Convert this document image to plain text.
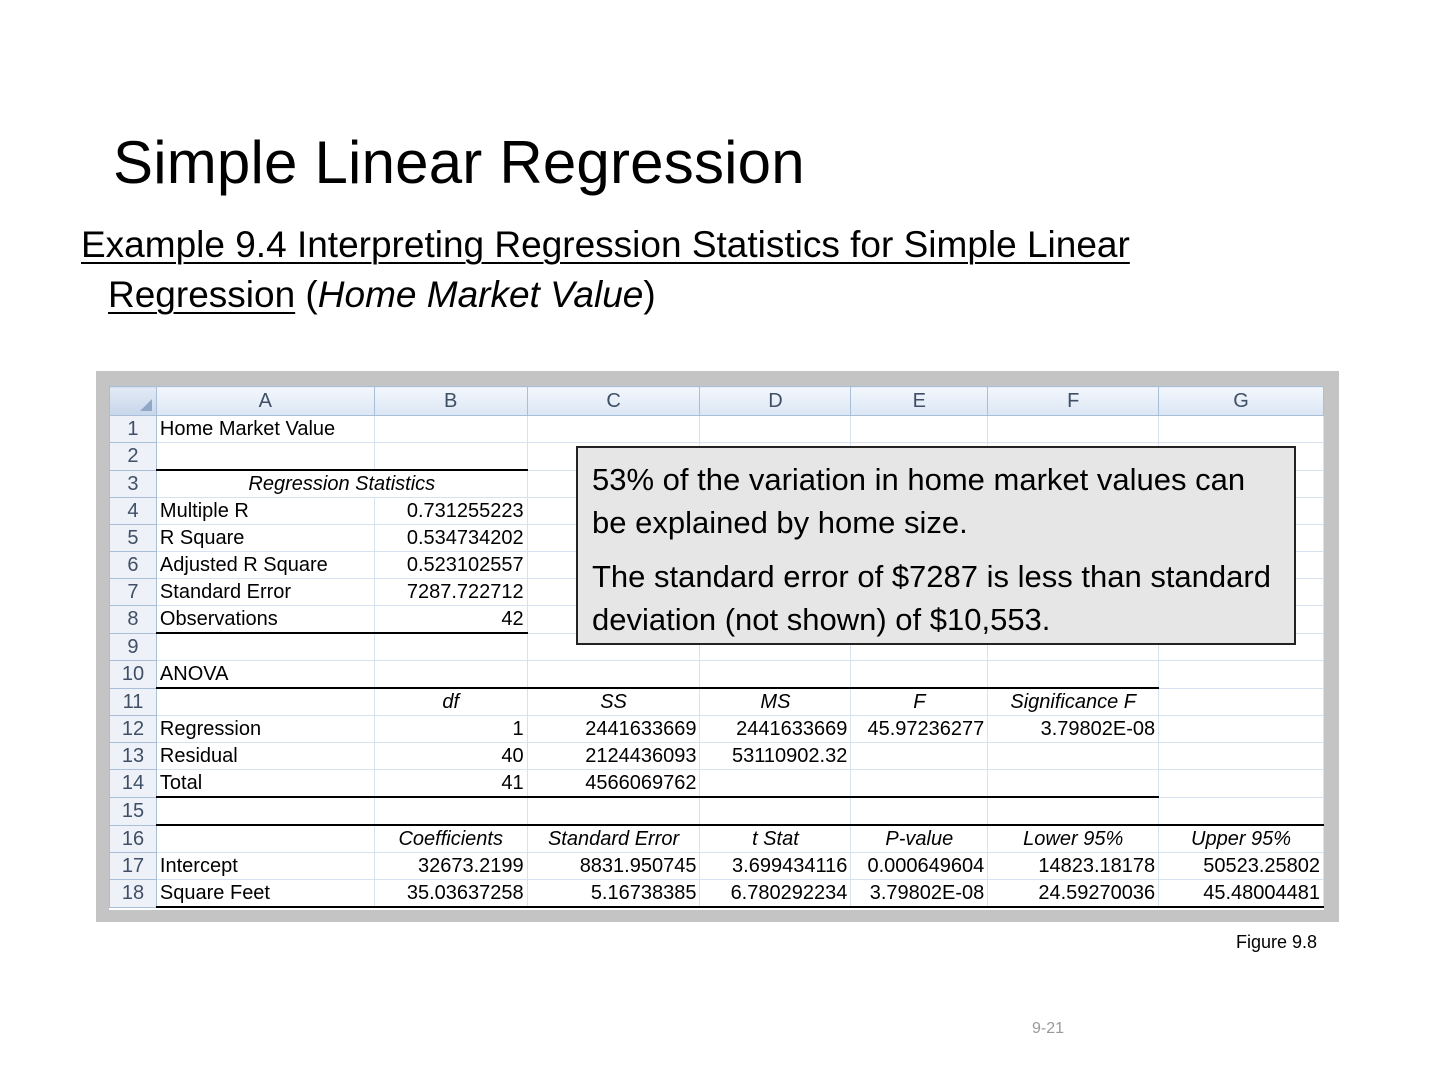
Simple Linear Regression
Example 9.4 Interpreting Regression Statistics for Simple Linear
Regression (Home Market Value)
	A	B	C	D	E	F	G
1	Home Market Value						
2							
3	Regression Statistics						
4	Multiple R	0.731255223					
5	R Square	0.534734202					
6	Adjusted R Square	0.523102557					
7	Standard Error	7287.722712					
8	Observations	42					
9							
10	ANOVA						
11		df	SS	MS	F	Significance F	
12	Regression	1	2441633669	2441633669	45.97236277	3.79802E-08	
13	Residual	40	2124436093	53110902.32			
14	Total	41	4566069762				
15							
16		Coefficients	Standard Error	t Stat	P-value	Lower 95%	Upper 95%
17	Intercept	32673.2199	8831.950745	3.699434116	0.000649604	14823.18178	50523.25802
18	Square Feet	35.03637258	5.16738385	6.780292234	3.79802E-08	24.59270036	45.48004481

53% of the variation in home market values can be explained by home size.

The standard error of $7287 is less than standard deviation (not shown) of $10,553.

Figure 9.8
9-21
